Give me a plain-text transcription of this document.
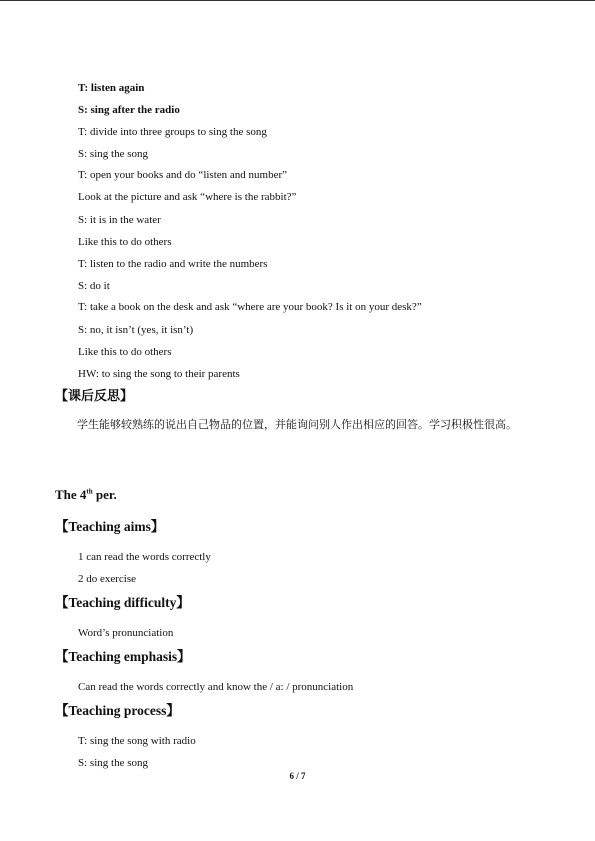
T: listen again
S: sing after the radio
T: divide into three groups to sing the song
S: sing the song
T: open your books and do “listen and number”
Look at the picture and ask “where is the rabbit?”
S: it is in the water
Like this to do others
T: listen to the radio and write the numbers
S: do it
T: take a book on the desk and ask “where are your book? Is it on your desk?”
S: no, it isn’t (yes, it isn’t)
Like this to do others
HW: to sing the song to their parents
【课后反思】
学生能够较熟练的说出自己物品的位置，并能询问别人作出相应的回答。学习积极性很高。
The 4th per.
【Teaching aims】
1 can read the words correctly
2 do exercise
【Teaching difficulty】
Word’s pronunciation
【Teaching emphasis】
Can read the words correctly and know the / a: / pronunciation
【Teaching process】
T: sing the song with radio
S: sing the song
6 / 7
